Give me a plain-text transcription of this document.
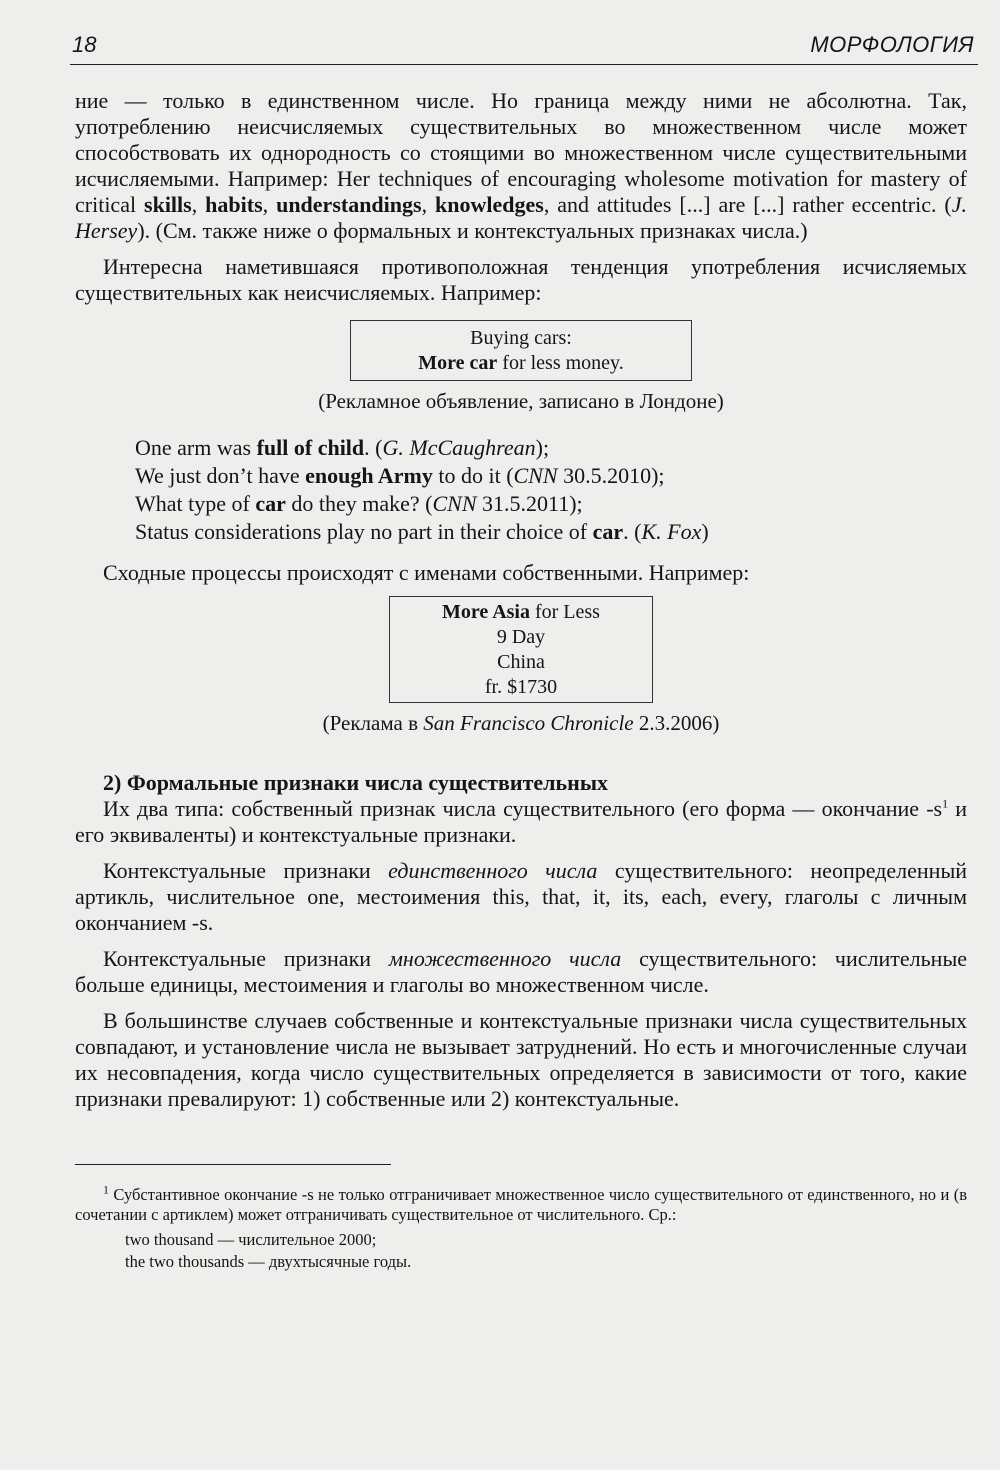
18	МОРФОЛОГИЯ

ние — только в единственном числе. Но граница между ними не абсолютна. Так, употреблению неисчисляемых существительных во множественном числе может способствовать их однородность со стоящими во множественном числе существительными исчисляемыми. Например: Her techniques of encouraging wholesome motivation for mastery of critical skills, habits, understandings, knowledges, and attitudes [...] are [...] rather eccentric. (J. Hersey). (См. также ниже о формальных и контекстуальных признаках числа.)

Интересна наметившаяся противоположная тенденция употребления исчисляемых существительных как неисчисляемых. Например:

Buying cars:
More car for less money.
(Рекламное объявление, записано в Лондоне)
One arm was full of child. (G. McCaughrean);
We just don’t have enough Army to do it (CNN 30.5.2010);
What type of car do they make? (CNN 31.5.2011);
Status considerations play no part in their choice of car. (K. Fox)

Сходные процессы происходят с именами собственными. Например:

More Asia for Less
9 Day
China
fr. $1730
(Реклама в San Francisco Chronicle 2.3.2006)
2) Формальные признаки числа существительных

Их два типа: собственный признак числа существительного (его форма — окончание $-s^1$ и его эквиваленты) и контекстуальные признаки.

Контекстуальные признаки единственного числа существительного: неопределенный артикль, числительное one, местоимения this, that, it, its, each, every, глаголы с личным окончанием -s.

Контекстуальные признаки множественного числа существительного: числительные больше единицы, местоимения и глаголы во множественном числе.

В большинстве случаев собственные и контекстуальные признаки числа существительных совпадают, и установление числа не вызывает затруднений. Но есть и многочисленные случаи их несовпадения, когда число существительных определяется в зависимости от того, какие признаки превалируют: 1) собственные или 2) контекстуальные.

$^1$ Субстантивное окончание -s не только отграничивает множественное число существительного от единственного, но и (в сочетании с артиклем) может отграничивать существительное от числительного. Ср.:

two thousand — числительное 2000;
the two thousands — двухтысячные годы.
